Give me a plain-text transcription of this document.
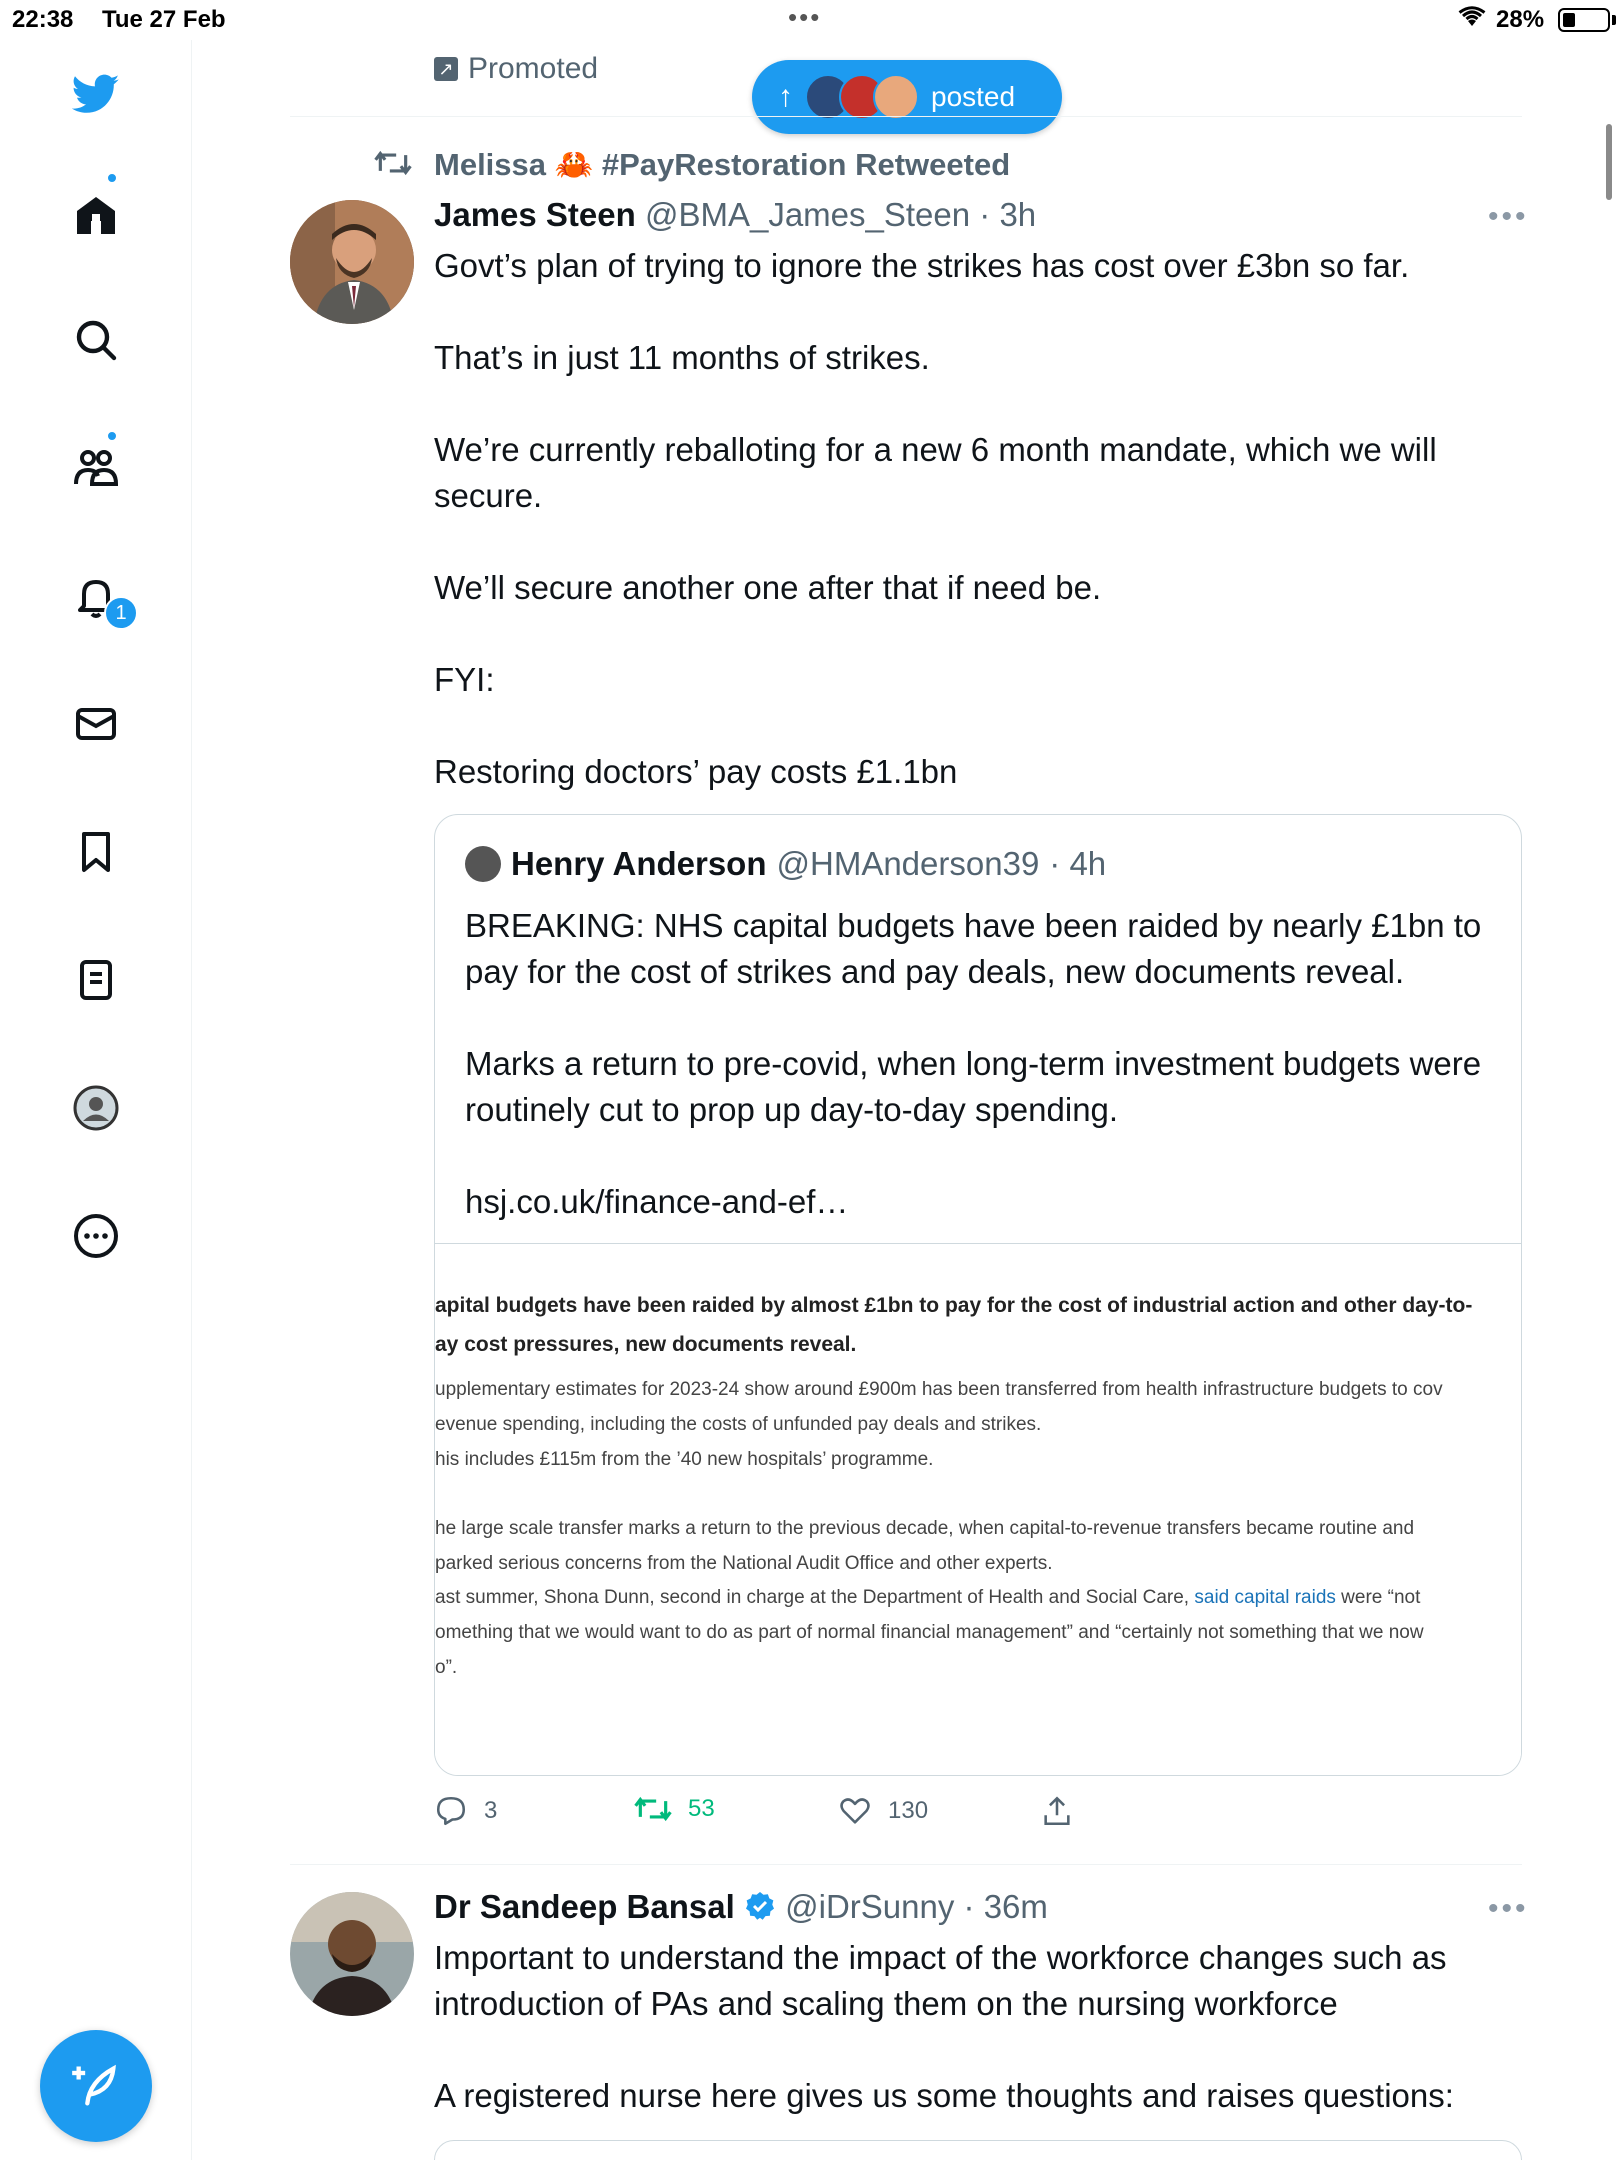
22:38 Tue 27 Feb	•••	28%
1
↗ Promoted
↑	posted
Melissa 🦀 #PayRestoration Retweeted
James Steen @BMA_James_Steen · 3h	•••

Govt’s plan of trying to ignore the strikes has cost over £3bn so far.

That’s in just 11 months of strikes.

We’re currently reballoting for a new 6 month mandate, which we will secure.

We’ll secure another one after that if need be.

FYI:

Restoring doctors’ pay costs £1.1bn

Henry Anderson @HMAnderson39 · 4h

BREAKING: NHS capital budgets have been raided by nearly £1bn to pay for the cost of strikes and pay deals, new documents reveal.

Marks a return to pre-covid, when long-term investment budgets were routinely cut to prop up day-to-day spending.

hsj.co.uk/finance-and-ef…

apital budgets have been raided by almost £1bn to pay for the cost of industrial action and other day-to-
ay cost pressures, new documents reveal.
upplementary estimates for 2023-24 show around £900m has been transferred from health infrastructure budgets to cov
evenue spending, including the costs of unfunded pay deals and strikes.
his includes £115m from the ’40 new hospitals’ programme.
he large scale transfer marks a return to the previous decade, when capital-to-revenue transfers became routine and
parked serious concerns from the National Audit Office and other experts.
ast summer, Shona Dunn, second in charge at the Department of Health and Social Care, said capital raids were “not
omething that we would want to do as part of normal financial management” and “certainly not something that we now
o”.
3	53	130
Dr Sandeep Bansal @iDrSunny · 36m	•••

Important to understand the impact of the workforce changes such as introduction of PAs and scaling them on the nursing workforce

A registered nurse here gives us some thoughts and raises questions:
